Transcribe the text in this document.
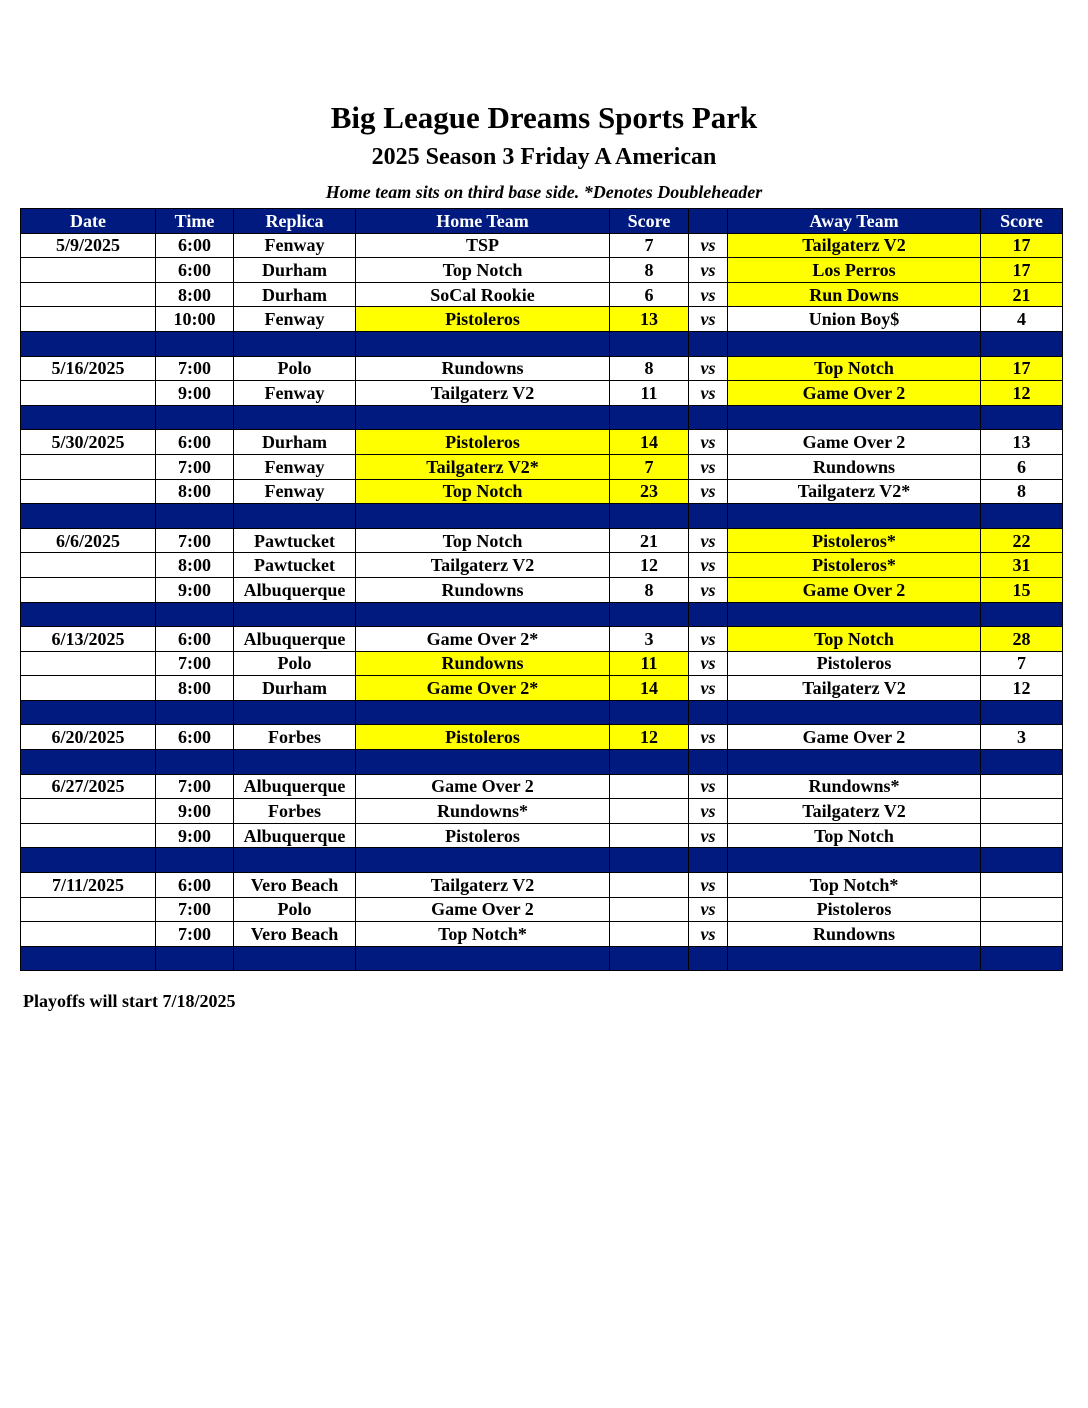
Big League Dreams Sports Park
2025 Season 3 Friday A American
Home team sits on third base side. *Denotes Doubleheader
Date	Time	Replica	Home Team	Score		Away Team	Score
5/9/2025	6:00	Fenway	TSP	7	vs	Tailgaterz V2	17
	6:00	Durham	Top Notch	8	vs	Los Perros	17
	8:00	Durham	SoCal Rookie	6	vs	Run Downs	21
	10:00	Fenway	Pistoleros	13	vs	Union Boy$	4

5/16/2025	7:00	Polo	Rundowns	8	vs	Top Notch	17
	9:00	Fenway	Tailgaterz V2	11	vs	Game Over 2	12

5/30/2025	6:00	Durham	Pistoleros	14	vs	Game Over 2	13
	7:00	Fenway	Tailgaterz V2*	7	vs	Rundowns	6
	8:00	Fenway	Top Notch	23	vs	Tailgaterz V2*	8

6/6/2025	7:00	Pawtucket	Top Notch	21	vs	Pistoleros*	22
	8:00	Pawtucket	Tailgaterz V2	12	vs	Pistoleros*	31
	9:00	Albuquerque	Rundowns	8	vs	Game Over 2	15

6/13/2025	6:00	Albuquerque	Game Over 2*	3	vs	Top Notch	28
	7:00	Polo	Rundowns	11	vs	Pistoleros	7
	8:00	Durham	Game Over 2*	14	vs	Tailgaterz V2	12

6/20/2025	6:00	Forbes	Pistoleros	12	vs	Game Over 2	3

6/27/2025	7:00	Albuquerque	Game Over 2		vs	Rundowns*	
	9:00	Forbes	Rundowns*		vs	Tailgaterz V2	
	9:00	Albuquerque	Pistoleros		vs	Top Notch	

7/11/2025	6:00	Vero Beach	Tailgaterz V2		vs	Top Notch*	
	7:00	Polo	Game Over 2		vs	Pistoleros	
	7:00	Vero Beach	Top Notch*		vs	Rundowns	

Playoffs will start 7/18/2025
